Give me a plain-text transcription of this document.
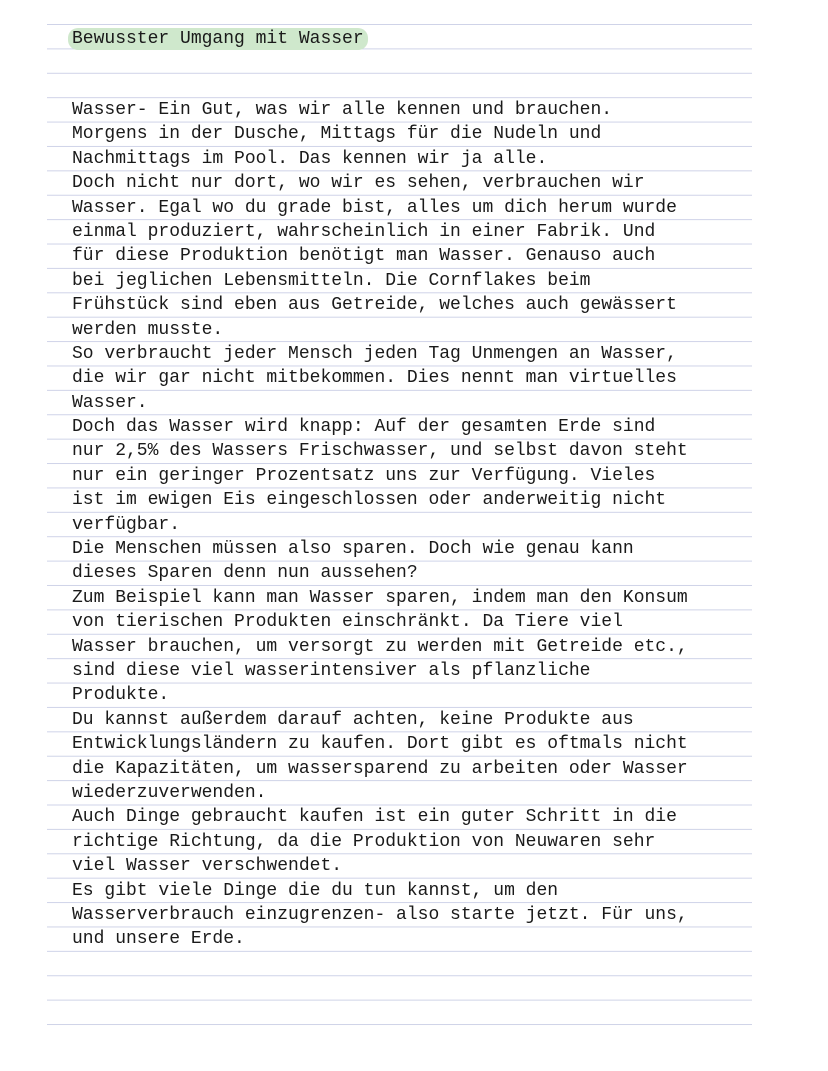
Bewusster Umgang mit Wasser
Wasser- Ein Gut, was wir alle kennen und brauchen.
Morgens in der Dusche, Mittags für die Nudeln und
Nachmittags im Pool. Das kennen wir ja alle.
Doch nicht nur dort, wo wir es sehen, verbrauchen wir
Wasser. Egal wo du grade bist, alles um dich herum wurde
einmal produziert, wahrscheinlich in einer Fabrik. Und
für diese Produktion benötigt man Wasser. Genauso auch
bei jeglichen Lebensmitteln. Die Cornflakes beim
Frühstück sind eben aus Getreide, welches auch gewässert
werden musste.
So verbraucht jeder Mensch jeden Tag Unmengen an Wasser,
die wir gar nicht mitbekommen. Dies nennt man virtuelles
Wasser.
Doch das Wasser wird knapp: Auf der gesamten Erde sind
nur 2,5% des Wassers Frischwasser, und selbst davon steht
nur ein geringer Prozentsatz uns zur Verfügung. Vieles
ist im ewigen Eis eingeschlossen oder anderweitig nicht
verfügbar.
Die Menschen müssen also sparen. Doch wie genau kann
dieses Sparen denn nun aussehen?
Zum Beispiel kann man Wasser sparen, indem man den Konsum
von tierischen Produkten einschränkt. Da Tiere viel
Wasser brauchen, um versorgt zu werden mit Getreide etc.,
sind diese viel wasserintensiver als pflanzliche
Produkte.
Du kannst außerdem darauf achten, keine Produkte aus
Entwicklungsländern zu kaufen. Dort gibt es oftmals nicht
die Kapazitäten, um wassersparend zu arbeiten oder Wasser
wiederzuverwenden.
Auch Dinge gebraucht kaufen ist ein guter Schritt in die
richtige Richtung, da die Produktion von Neuwaren sehr
viel Wasser verschwendet.
Es gibt viele Dinge die du tun kannst, um den
Wasserverbrauch einzugrenzen- also starte jetzt. Für uns,
und unsere Erde.
